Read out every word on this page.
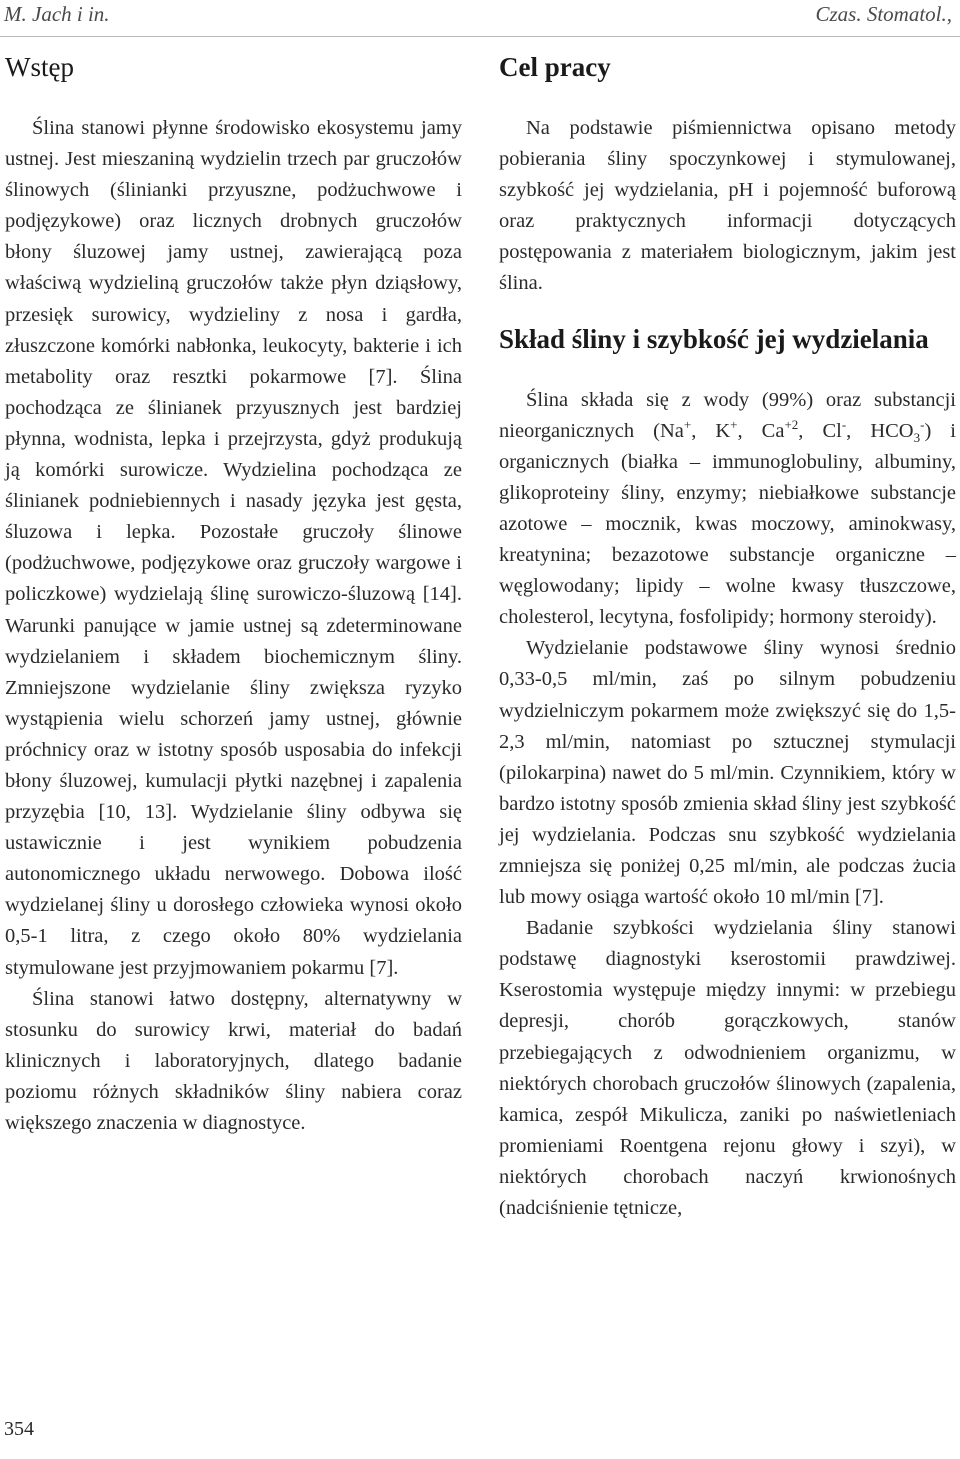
M. Jach i in.	Czas. Stomatol.,
Wstęp

Ślina stanowi płynne środowisko ekosystemu jamy ustnej. Jest mieszaniną wydzielin trzech par gruczołów ślinowych (ślinianki przyuszne, podżuchwowe i podjęzykowe) oraz licznych drobnych gruczołów błony śluzowej jamy ustnej, zawierającą poza właściwą wydzieliną gruczołów także płyn dziąsłowy, przesięk surowicy, wydzieliny z nosa i gardła, złuszczone komórki nabłonka, leukocyty, bakterie i ich metabolity oraz resztki pokarmowe [7]. Ślina pochodząca ze ślinianek przyusznych jest bardziej płynna, wodnista, lepka i przejrzysta, gdyż produkują ją komórki surowicze. Wydzielina pochodząca ze ślinianek podniebiennych i nasady języka jest gęsta, śluzowa i lepka. Pozostałe gruczoły ślinowe (podżuchwowe, podjęzykowe oraz gruczoły wargowe i policzkowe) wydzielają ślinę surowiczo-śluzową [14]. Warunki panujące w jamie ustnej są zdeterminowane wydzielaniem i składem biochemicznym śliny. Zmniejszone wydzielanie śliny zwiększa ryzyko wystąpienia wielu schorzeń jamy ustnej, głównie próchnicy oraz w istotny sposób usposabia do infekcji błony śluzowej, kumulacji płytki nazębnej i zapalenia przyzębia [10, 13]. Wydzielanie śliny odbywa się ustawicznie i jest wynikiem pobudzenia autonomicznego układu nerwowego. Dobowa ilość wydzielanej śliny u dorosłego człowieka wynosi około 0,5-1 litra, z czego około 80% wydzielania stymulowane jest przyjmowaniem pokarmu [7].

Ślina stanowi łatwo dostępny, alternatywny w stosunku do surowicy krwi, materiał do badań klinicznych i laboratoryjnych, dlatego badanie poziomu różnych składników śliny nabiera coraz większego znaczenia w diagnostyce.

Cel pracy

Na podstawie piśmiennictwa opisano metody pobierania śliny spoczynkowej i stymulowanej, szybkość jej wydzielania, pH i pojemność buforową oraz praktycznych informacji dotyczących postępowania z materiałem biologicznym, jakim jest ślina.

Skład śliny i szybkość jej wydzielania

Ślina składa się z wody (99%) oraz substancji nieorganicznych (Na+, K+, $Ca^{+2}$, Cl-, $HCO_3^-$) i organicznych (białka – immunoglobuliny, albuminy, glikoproteiny śliny, enzymy; niebiałkowe substancje azotowe – mocznik, kwas moczowy, aminokwasy, kreatynina; bezazotowe substancje organiczne – węglowodany; lipidy – wolne kwasy tłuszczowe, cholesterol, lecytyna, fosfolipidy; hormony steroidy).

Wydzielanie podstawowe śliny wynosi średnio 0,33-0,5 ml/min, zaś po silnym pobudzeniu wydzielniczym pokarmem może zwiększyć się do 1,5-2,3 ml/min, natomiast po sztucznej stymulacji (pilokarpina) nawet do 5 ml/min. Czynnikiem, który w bardzo istotny sposób zmienia skład śliny jest szybkość jej wydzielania. Podczas snu szybkość wydzielania zmniejsza się poniżej 0,25 ml/min, ale podczas żucia lub mowy osiąga wartość około 10 ml/min [7].

Badanie szybkości wydzielania śliny stanowi podstawę diagnostyki kserostomii prawdziwej. Kserostomia występuje między innymi: w przebiegu depresji, chorób gorączkowych, stanów przebiegających z odwodnieniem organizmu, w niektórych chorobach gruczołów ślinowych (zapalenia, kamica, zespół Mikulicza, zaniki po naświetleniach promieniami Roentgena rejonu głowy i szyi), w niektórych chorobach naczyń krwionośnych (nadciśnienie tętnicze,

354
